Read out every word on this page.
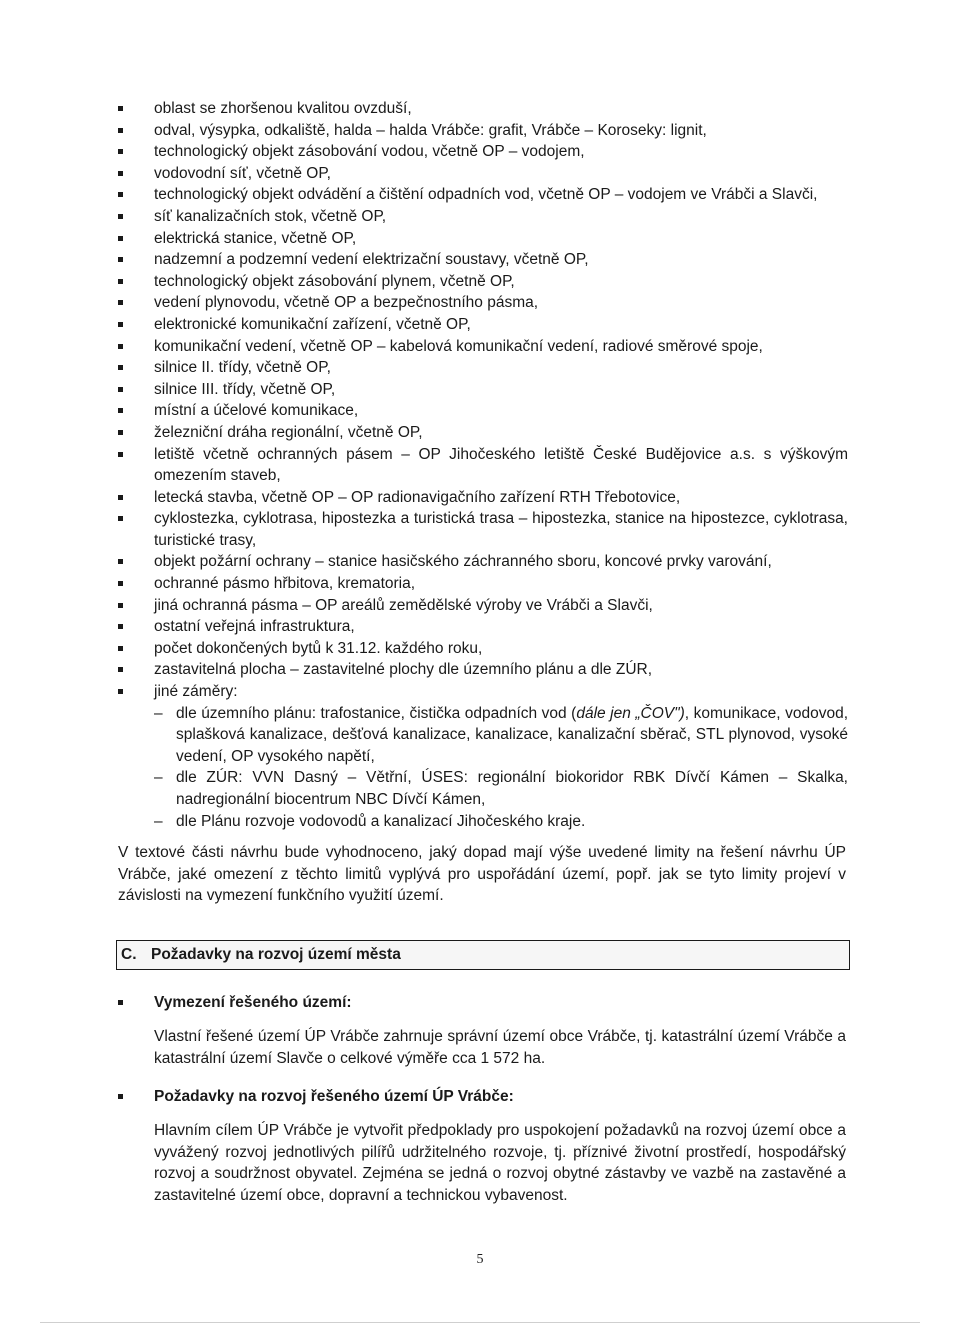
oblast se zhoršenou kvalitou ovzduší,
odval, výsypka, odkaliště, halda – halda Vrábče: grafit, Vrábče – Koroseky: lignit,
technologický objekt zásobování vodou, včetně OP – vodojem,
vodovodní síť, včetně OP,
technologický objekt odvádění a čištění odpadních vod, včetně OP – vodojem ve Vrábči a Slavči,
síť kanalizačních stok, včetně OP,
elektrická stanice, včetně OP,
nadzemní a podzemní vedení elektrizační soustavy, včetně OP,
technologický objekt zásobování plynem, včetně OP,
vedení plynovodu, včetně OP a bezpečnostního pásma,
elektronické komunikační zařízení, včetně OP,
komunikační vedení, včetně OP – kabelová komunikační vedení, radiové směrové spoje,
silnice II. třídy, včetně OP,
silnice III. třídy, včetně OP,
místní a účelové komunikace,
železniční dráha regionální, včetně OP,
letiště včetně ochranných pásem – OP Jihočeského letiště České Budějovice a.s. s výškovým omezením staveb,
letecká stavba, včetně OP – OP radionavigačního zařízení RTH Třebotovice,
cyklostezka, cyklotrasa, hipostezka a turistická trasa – hipostezka, stanice na hipostezce, cyklotrasa, turistické trasy,
objekt požární ochrany – stanice hasičského záchranného sboru, koncové prvky varování,
ochranné pásmo hřbitova, krematoria,
jiná ochranná pásma – OP areálů zemědělské výroby ve Vrábči a Slavči,
ostatní veřejná infrastruktura,
počet dokončených bytů k 31.12. každého roku,
zastavitelná plocha – zastavitelné plochy dle územního plánu a dle ZÚR,
jiné záměry:
– dle územního plánu: trafostanice, čistička odpadních vod (dále jen „ČOV"), komunikace, vodovod, splašková kanalizace, dešťová kanalizace, kanalizace, kanalizační sběrač, STL plynovod, vysoké vedení, OP vysokého napětí,
– dle ZÚR: VVN Dasný – Větřní, ÚSES: regionální biokoridor RBK Dívčí Kámen – Skalka, nadregionální biocentrum NBC Dívčí Kámen,
– dle Plánu rozvoje vodovodů a kanalizací Jihočeského kraje.
V textové části návrhu bude vyhodnoceno, jaký dopad mají výše uvedené limity na řešení návrhu ÚP Vrábče, jaké omezení z těchto limitů vyplývá pro uspořádání území, popř. jak se tyto limity projeví v závislosti na vymezení funkčního využití území.
C. Požadavky na rozvoj území města
Vymezení řešeného území:
Vlastní řešené území ÚP Vrábče zahrnuje správní území obce Vrábče, tj. katastrální území Vrábče a katastrální území Slavče o celkové výměře cca 1 572 ha.
Požadavky na rozvoj řešeného území ÚP Vrábče:
Hlavním cílem ÚP Vrábče je vytvořit předpoklady pro uspokojení požadavků na rozvoj území obce a vyvážený rozvoj jednotlivých pilířů udržitelného rozvoje, tj. příznivé životní prostředí, hospodářský rozvoj a soudržnost obyvatel. Zejména se jedná o rozvoj obytné zástavby ve vazbě na zastavěné a zastavitelné území obce, dopravní a technickou vybavenost.
5
